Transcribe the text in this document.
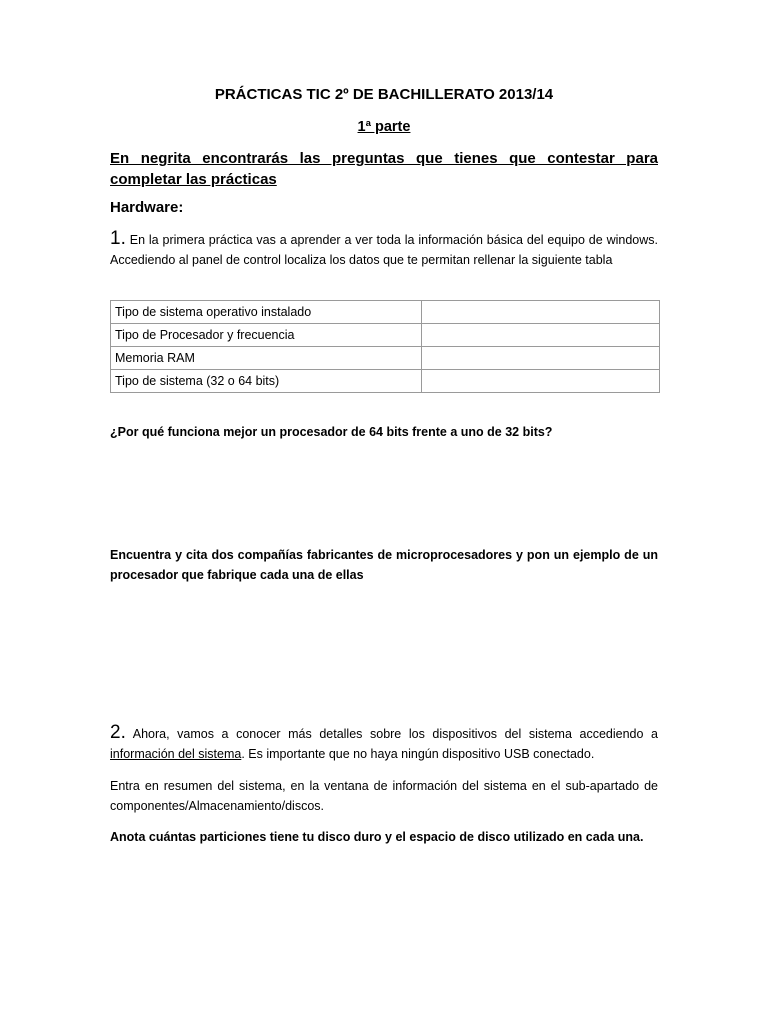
PRÁCTICAS TIC 2º DE BACHILLERATO 2013/14
1ª parte
En negrita encontrarás las preguntas que tienes que contestar para completar las prácticas
Hardware:
1. En la primera práctica vas a aprender a ver toda la información básica del equipo de windows. Accediendo al panel de control localiza los datos que te permitan rellenar la siguiente tabla
Tipo de sistema operativo instalado	
Tipo de Procesador y frecuencia	
Memoria RAM	
Tipo de sistema (32 o 64 bits)	
¿Por qué funciona mejor un procesador de 64 bits frente a uno de 32 bits?
Encuentra y cita dos compañías fabricantes de microprocesadores y pon un ejemplo de un procesador que fabrique cada una de ellas
2. Ahora, vamos a conocer más detalles sobre los dispositivos del sistema accediendo a información del sistema. Es importante que no haya ningún dispositivo USB conectado.
Entra en resumen del sistema, en la ventana de información del sistema en el sub-apartado de componentes/Almacenamiento/discos.
Anota cuántas particiones tiene tu disco duro y el espacio de disco utilizado en cada una.
